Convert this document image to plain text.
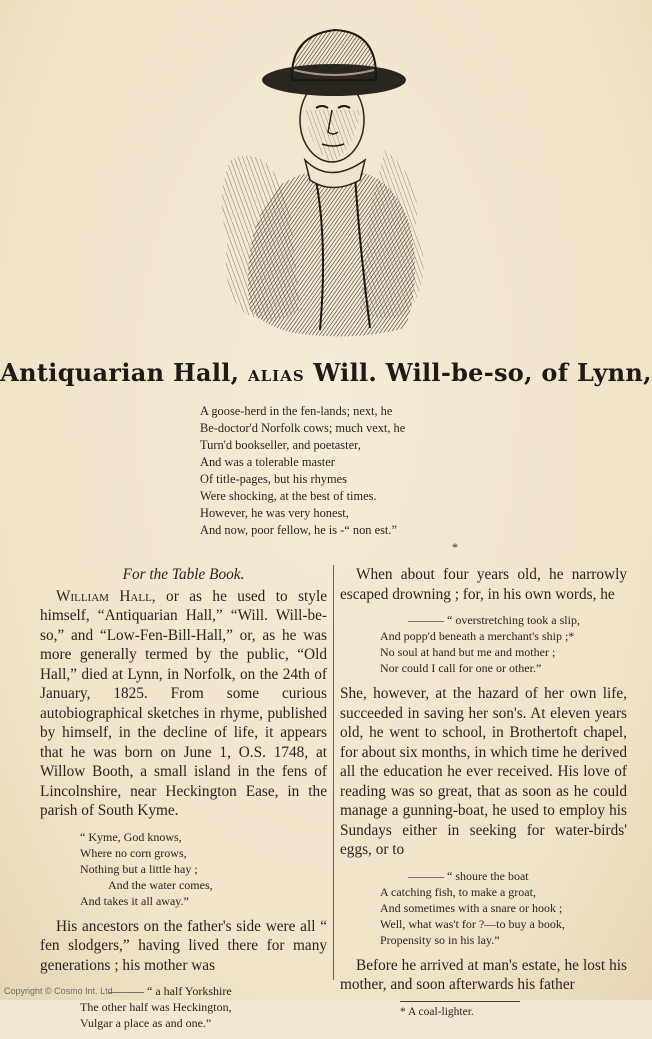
Antiquarian Hall, ALIAS Will. Will-be-so, of Lynn,
A goose-herd in the fen-lands; next, he
Be-doctor'd Norfolk cows; much vext, he
Turn'd bookseller, and poetaster,
And was a tolerable master
Of title-pages, but his rhymes
Were shocking, at the best of times.
However, he was very honest,
And now, poor fellow, he is -“ non est.”
*

For the Table Book.

William Hall, or as he used to style himself, “Antiquarian Hall,” “Will. Will-be-so,” and “Low-Fen-Bill-Hall,” or, as he was more generally termed by the public, “Old Hall,” died at Lynn, in Norfolk, on the 24th of January, 1825. From some curious autobiographical sketches in rhyme, published by himself, in the decline of life, it appears that he was born on June 1, O.S. 1748, at Willow Booth, a small island in the fens of Lincolnshire, near Heckington Ease, in the parish of South Kyme.

“ Kyme, God knows,
Where no corn grows,
Nothing but a little hay ;
And the water comes,
And takes it all away.”

His ancestors on the father's side were all “ fen slodgers,” having lived there for many generations ; his mother was

——— “ a half Yorkshire
The other half was Heckington,
Vulgar a place as and one.”

When about four years old, he narrowly escaped drowning ; for, in his own words, he

——— “ overstretching took a slip,
And popp'd beneath a merchant's ship ;*
No soul at hand but me and mother ;
Nor could I call for one or other.”

She, however, at the hazard of her own life, succeeded in saving her son's. At eleven years old, he went to school, in Brothertoft chapel, for about six months, in which time he derived all the education he ever received. His love of reading was so great, that as soon as he could manage a gunning-boat, he used to employ his Sundays either in seeking for water-birds' eggs, or to

——— “ shoure the boat
A catching fish, to make a groat,
And sometimes with a snare or hook ;
Well, what was't for ?—to buy a book,
Propensity so in his lay.”

Before he arrived at man's estate, he lost his mother, and soon afterwards his father

* A coal-lighter.
Copyright © Cosmo Int. Ltd
